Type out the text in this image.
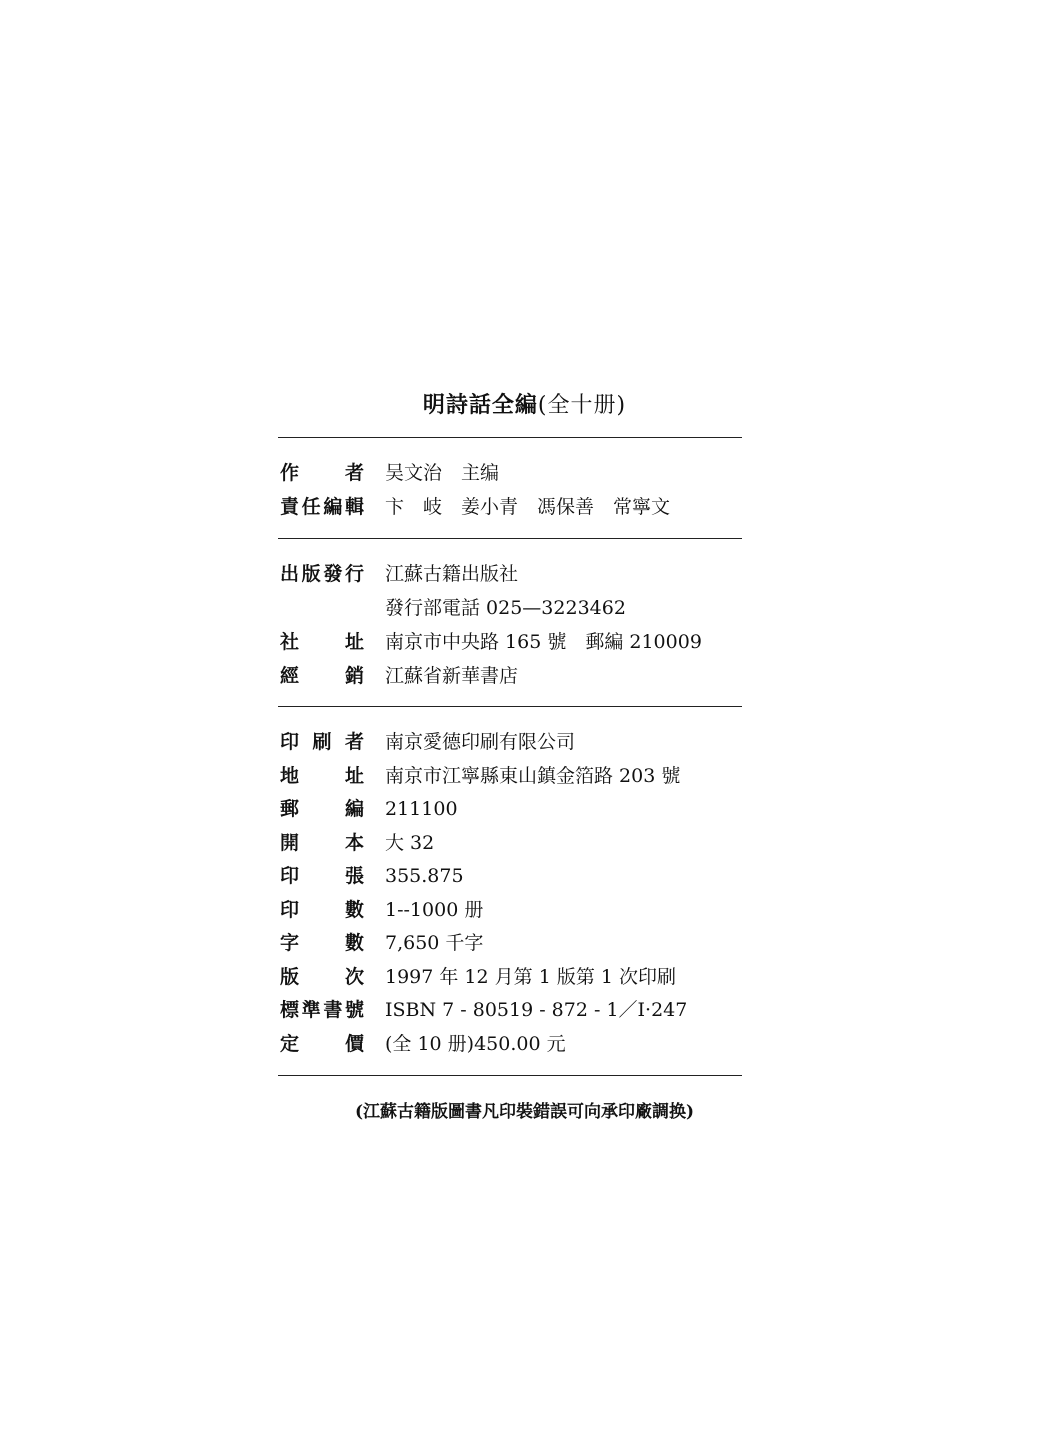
明詩話全編(全十册)
作 者 吴文治　主编
責 任 編 輯 卞　岐　姜小青　馮保善　常寧文
出 版 發 行 江蘇古籍出版社
發行部電話 025—3223462
社 址 南京市中央路 165 號　郵編 210009
經 銷 江蘇省新華書店
印 刷 者 南京愛德印刷有限公司
地 址 南京市江寧縣東山鎮金箔路 203 號
郵 編 211100
開 本 大 32
印 張 355.875
印 數 1--1000 册
字 數 7,650 千字
版 次 1997 年 12 月第 1 版第 1 次印刷
標 準 書 號 ISBN 7 - 80519 - 872 - 1／I·247
定 價 (全 10 册)450.00 元
(江蘇古籍版圖書凡印裝錯誤可向承印廠調换)
